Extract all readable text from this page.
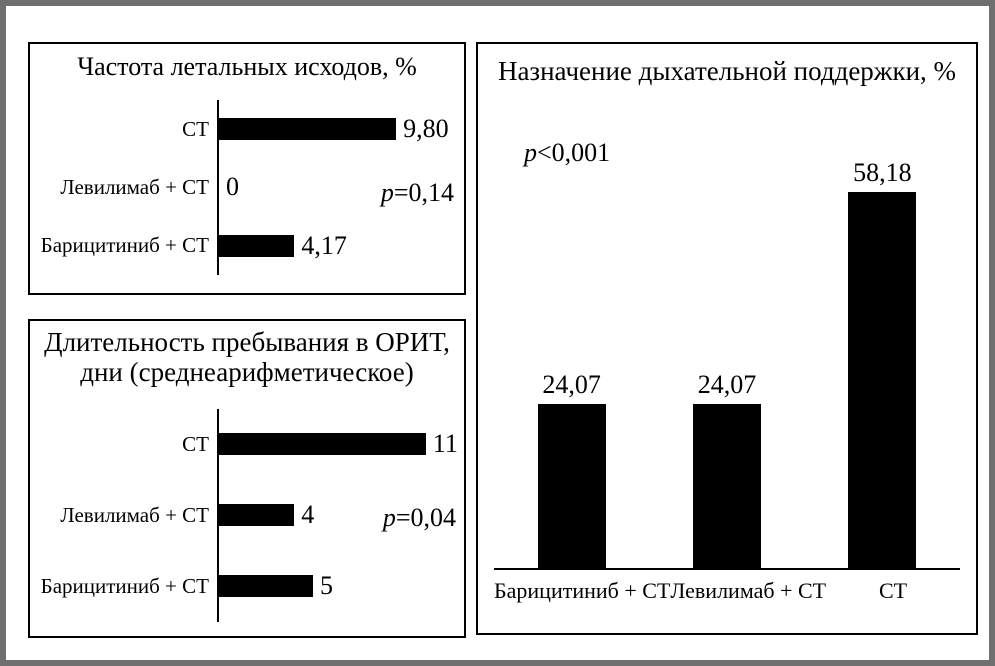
Частота летальных исходов, %
СТ	9,80
Левилимаб + СТ 0
Барицитиниб + СТ	4,17
p=0,14
Длительность пребывания в ОРИТ,
дни (среднеарифметическое)
СТ	11
Левилимаб + СТ	4
Барицитиниб + СТ	5
p=0,04
Назначение дыхательной поддержки, %
p<0,001
24,07	24,07
58,18
Барицитиниб + СТ Левилимаб + СТ	СТ
